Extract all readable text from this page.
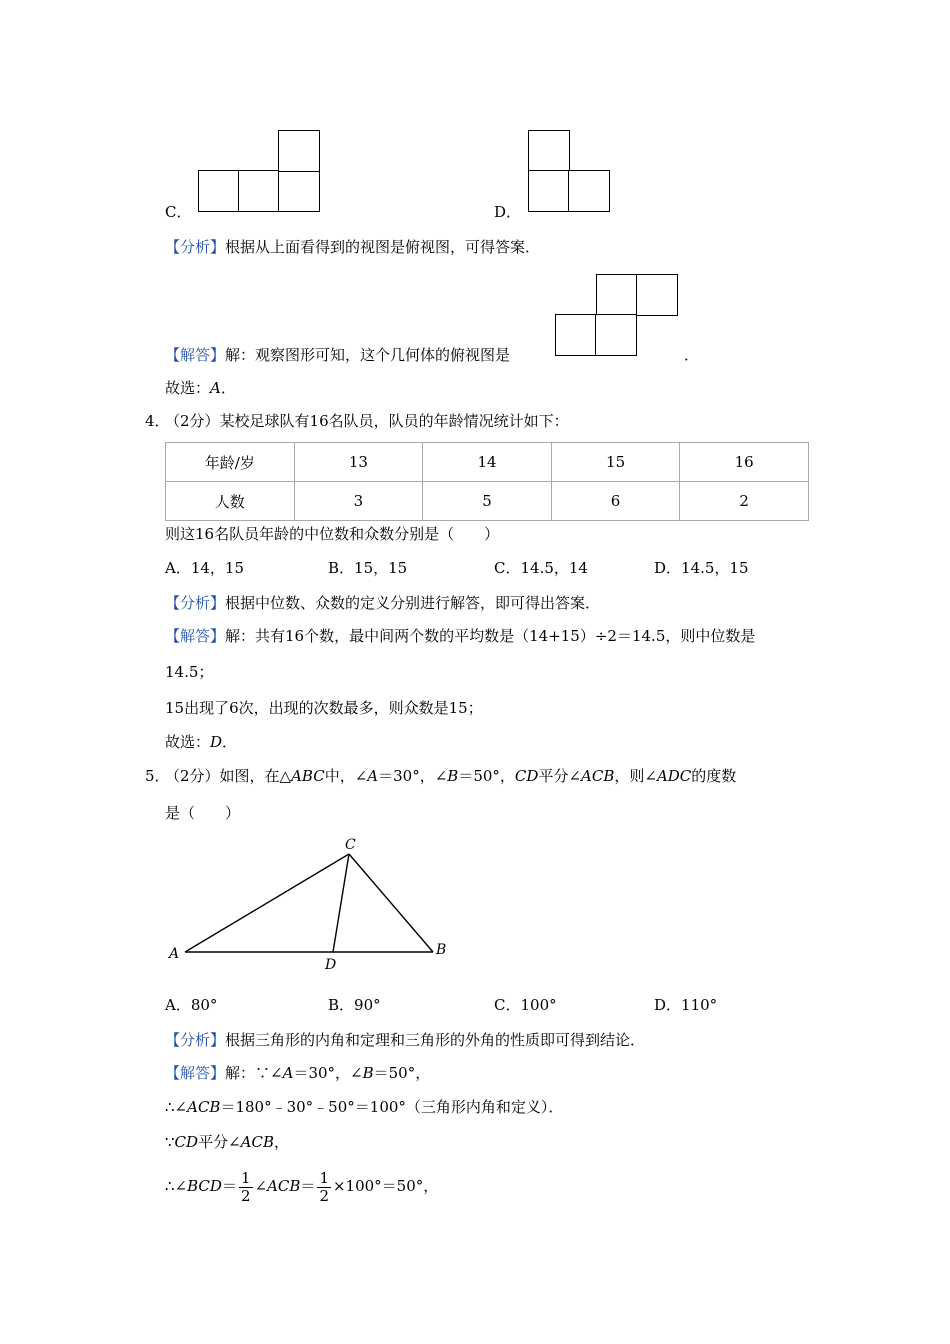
C．	D．
【分析】根据从上面看得到的视图是俯视图，可得答案．
【解答】解：观察图形可知，这个几何体的俯视图是	．
故选：A．
4．
（2分）某校足球队有16名队员，队员的年龄情况统计如下：
年龄/岁	13	14	15	16
人数	3	5	6	2
则这16名队员年龄的中位数和众数分别是（　　）
A．14，15	B．15，15	C．14.5，14	D．14.5，15
【分析】根据中位数、众数的定义分别进行解答，即可得出答案．
【解答】解：共有16个数，最中间两个数的平均数是（14+15）÷2＝14.5，则中位数是
14.5；
15出现了6次，出现的次数最多，则众数是15；
故选：D．
5．
（2分）如图，在△ABC中，∠A＝30°，∠B＝50°，CD平分∠ACB，则∠ADC的度数
是（　　）
A	B
C
D
A．80°	B．90°	C．100°	D．110°
【分析】根据三角形的内角和定理和三角形的外角的性质即可得到结论．
【解答】解：∵∠A＝30°，∠B＝50°，
∴∠ACB＝180°﹣30°﹣50°＝100°（三角形内角和定义）．
∵CD平分∠ACB，
∴∠BCD＝ $\frac{1}{2}$ ∠ACB＝ $\frac{1}{2} \times 100^\circ=50^\circ$，
